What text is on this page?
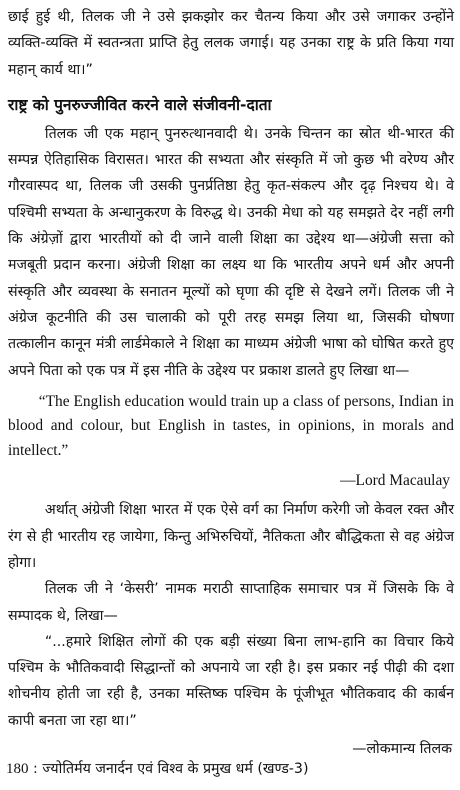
छाई हुई थी, तिलक जी ने उसे झकझोर कर चैतन्य किया और उसे जगाकर उन्होंने व्यक्ति-व्यक्ति में स्वतन्त्रता प्राप्ति हेतु ललक जगाई। यह उनका राष्ट्र के प्रति किया गया महान् कार्य था।”

राष्ट्र को पुनरुज्जीवित करने वाले संजीवनी-दाता

तिलक जी एक महान् पुनरुत्थानवादी थे। उनके चिन्तन का स्रोत थी-भारत की सम्पन्न ऐतिहासिक विरासत। भारत की सभ्यता और संस्कृति में जो कुछ भी वरेण्य और गौरवास्पद था, तिलक जी उसकी पुनर्प्रतिष्ठा हेतु कृत-संकल्प और दृढ़ निश्चय थे। वे पश्चिमी सभ्यता के अन्धानुकरण के विरुद्ध थे। उनकी मेधा को यह समझते देर नहीं लगी कि अंग्रेज़ों द्वारा भारतीयों को दी जाने वाली शिक्षा का उद्देश्य था—अंग्रेजी सत्ता को मजबूती प्रदान करना। अंग्रेजी शिक्षा का लक्ष्य था कि भारतीय अपने धर्म और अपनी संस्कृति और व्यवस्था के सनातन मूल्यों को घृणा की दृष्टि से देखने लगें। तिलक जी ने अंग्रेज कूटनीति की उस चालाकी को पूरी तरह समझ लिया था, जिसकी घोषणा तत्कालीन कानून मंत्री लार्डमेकाले ने शिक्षा का माध्यम अंग्रेजी भाषा को घोषित करते हुए अपने पिता को एक पत्र में इस नीति के उद्देश्य पर प्रकाश डालते हुए लिखा था—

“The English education would train up a class of persons, Indian in blood and colour, but English in tastes, in opinions, in morals and intellect.”

—Lord Macaulay

अर्थात् अंग्रेजी शिक्षा भारत में एक ऐसे वर्ग का निर्माण करेगी जो केवल रक्त और रंग से ही भारतीय रह जायेगा, किन्तु अभिरुचियों, नैतिकता और बौद्धिकता से वह अंग्रेज होगा।

तिलक जी ने ‘केसरी’ नामक मराठी साप्ताहिक समाचार पत्र में जिसके कि वे सम्पादक थे, लिखा—

“...हमारे शिक्षित लोगों की एक बड़ी संख्या बिना लाभ-हानि का विचार किये पश्चिम के भौतिकवादी सिद्धान्तों को अपनाये जा रही है। इस प्रकार नई पीढ़ी की दशा शोचनीय होती जा रही है, उनका मस्तिष्क पश्चिम के पूंजीभूत भौतिकवाद की कार्बन कापी बनता जा रहा था।”

—लोकमान्य तिलक

180 : ज्योतिर्मय जनार्दन एवं विश्व के प्रमुख धर्म (खण्ड-3)
